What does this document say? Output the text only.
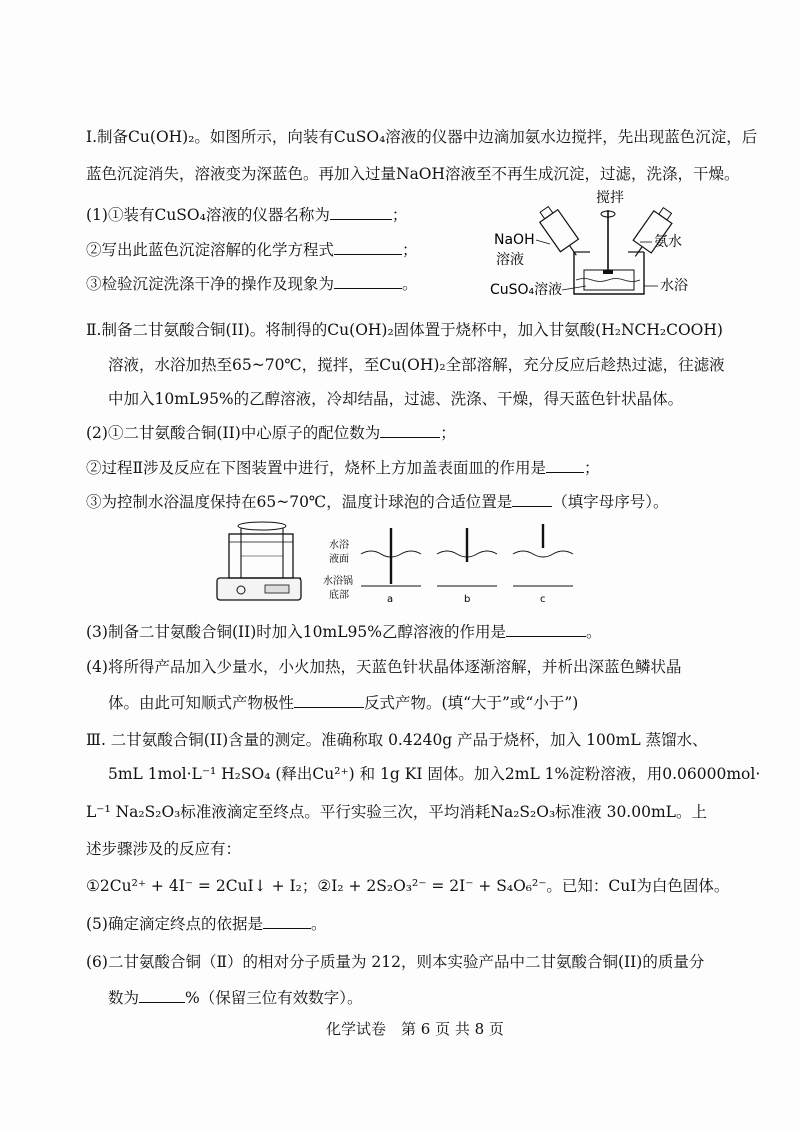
Ⅰ.制备Cu(OH)₂。如图所示，向装有CuSO₄溶液的仪器中边滴加氨水边搅拌，先出现蓝色沉淀，后
蓝色沉淀消失，溶液变为深蓝色。再加入过量NaOH溶液至不再生成沉淀，过滤，洗涤，干燥。
(1)①装有CuSO₄溶液的仪器名称为	；
②写出此蓝色沉淀溶解的化学方程式	；
③检验沉淀洗涤干净的操作及现象为	。
搅拌
NaOH
溶液
氨水
CuSO₄溶液	水浴
Ⅱ.制备二甘氨酸合铜(II)。将制得的Cu(OH)₂固体置于烧杯中，加入甘氨酸(H₂NCH₂COOH)
溶液，水浴加热至65~70℃，搅拌，至Cu(OH)₂全部溶解，充分反应后趁热过滤，往滤液
中加入10mL95%的乙醇溶液，冷却结晶，过滤、洗涤、干燥，得天蓝色针状晶体。
(2)①二甘氨酸合铜(II)中心原子的配位数为	；
②过程Ⅱ涉及反应在下图装置中进行，烧杯上方加盖表面皿的作用是 ；
③为控制水浴温度保持在65~70℃，温度计球泡的合适位置是	（填字母序号）。
水浴
液面
水浴锅
底部	a	b	c
(3)制备二甘氨酸合铜(II)时加入10mL95%乙醇溶液的作用是	。
(4)将所得产品加入少量水，小火加热，天蓝色针状晶体逐渐溶解，并析出深蓝色鳞状晶
体。由此可知顺式产物极性	反式产物。(填“大于”或“小于”)
Ⅲ. 二甘氨酸合铜(II)含量的测定。准确称取 0.4240g 产品于烧杯，加入 100mL 蒸馏水、
5mL 1mol·L⁻¹ H₂SO₄ (释出Cu²⁺) 和 1g KI 固体。加入2mL 1%淀粉溶液，用0.06000mol·
L⁻¹ Na₂S₂O₃标准液滴定至终点。平行实验三次，平均消耗Na₂S₂O₃标准液 30.00mL。上
述步骤涉及的反应有：
①2Cu²⁺ + 4I⁻ = 2CuI↓ + I₂；②I₂ + 2S₂O₃²⁻ = 2I⁻ + S₄O₆²⁻。已知：CuI为白色固体。
(5)确定滴定终点的依据是	。
(6)二甘氨酸合铜（Ⅱ）的相对分子质量为 212，则本实验产品中二甘氨酸合铜(II)的质量分
数为	%（保留三位有效数字）。
化学试卷　第 6 页 共 8 页
